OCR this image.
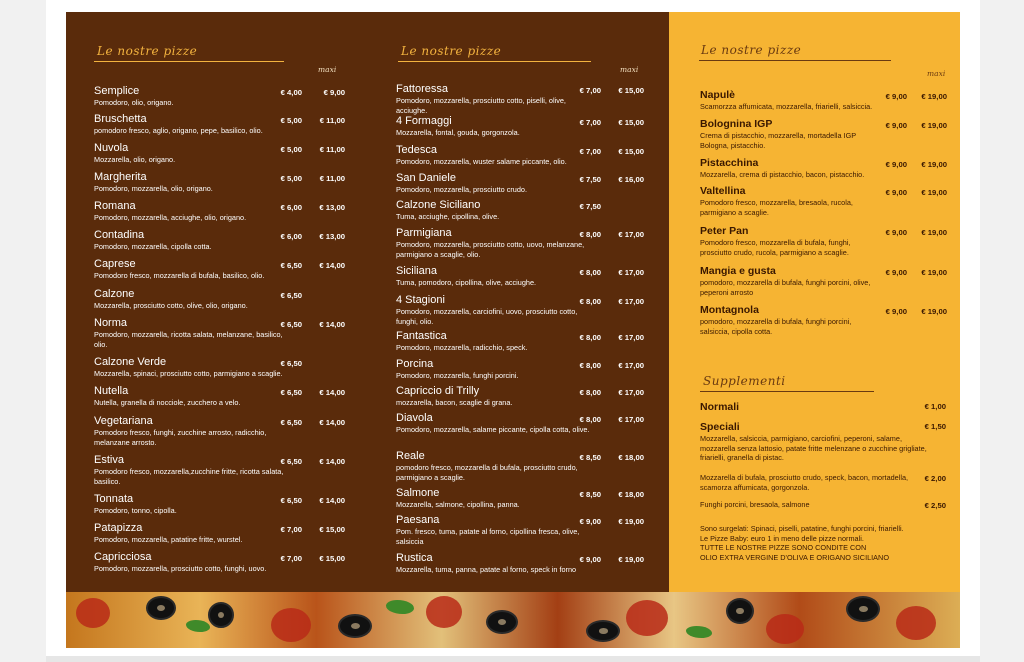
Le nostre pizze
maxi
Semplice
Pomodoro, olio, origano.
€ 4,00	€ 9,00
Bruschetta
pomodoro fresco, aglio, origano, pepe, basilico, olio.
€ 5,00 € 11,00
Nuvola
Mozzarella, olio, origano.
€ 5,00 € 11,00
Margherita
Pomodoro, mozzarella, olio, origano.
€ 5,00 € 11,00
Romana
Pomodoro, mozzarella, acciughe, olio, origano.
€ 6,00 € 13,00
Contadina
Pomodoro, mozzarella, cipolla cotta.
€ 6,00 € 13,00
Caprese
Pomodoro fresco, mozzarella di bufala, basilico, olio.
€ 6,50 € 14,00
Calzone
Mozzarella, prosciutto cotto, olive, olio, origano.
€ 6,50
Norma
Pomodoro, mozzarella, ricotta salata, melanzane, basilico, olio.
€ 6,50 € 14,00
Calzone Verde
Mozzarella, spinaci, prosciutto cotto, parmigiano a scaglie.
€ 6,50
Nutella
Nutella, granella di nocciole, zucchero a velo.
€ 6,50 € 14,00
Vegetariana
Pomodoro fresco, funghi, zucchine arrosto, radicchio, melanzane arrosto.
€ 6,50 € 14,00
Estiva
Pomodoro fresco, mozzarella,zucchine fritte, ricotta salata, basilico.
€ 6,50 € 14,00
Tonnata
Pomodoro, tonno, cipolla.
€ 6,50 € 14,00
Patapizza
Pomodoro, mozzarella, patatine fritte, wurstel.
€ 7,00 € 15,00
Capricciosa
Pomodoro, mozzarella, prosciutto cotto, funghi, uovo.
€ 7,00 € 15,00
Le nostre pizze
maxi
Fattoressa
Pomodoro, mozzarella, prosciutto cotto, piselli, olive, acciughe.
€ 7,00 € 15,00
4 Formaggi
Mozzarella, fontal, gouda, gorgonzola.
€ 7,00 € 15,00
Tedesca
Pomodoro, mozzarella, wuster salame piccante, olio.
€ 7,00 € 15,00
San Daniele
Pomodoro, mozzarella, prosciutto crudo.
€ 7,50 € 16,00
Calzone Siciliano
Tuma, acciughe, cipollina, olive.
€ 7,50
Parmigiana
Pomodoro, mozzarella, prosciutto cotto, uovo, melanzane, parmigiano a scaglie, olio.
€ 8,00 € 17,00
Siciliana
Tuma, pomodoro, cipollina, olive, acciughe.
€ 8,00 € 17,00
4 Stagioni
Pomodoro, mozzarella, carciofini, uovo, prosciutto cotto, funghi, olio.
€ 8,00 € 17,00
Fantastica
Pomodoro, mozzarella, radicchio, speck.
€ 8,00 € 17,00
Porcina
Pomodoro, mozzarella, funghi porcini.
€ 8,00 € 17,00
Capriccio di Trilly
mozzarella, bacon, scaglie di grana.
€ 8,00 € 17,00
Diavola
Pomodoro, mozzarella, salame piccante, cipolla cotta, olive.
€ 8,00 € 17,00
Reale
pomodoro fresco, mozzarella di bufala, prosciutto crudo, parmigiano a scaglie.
€ 8,50 € 18,00
Salmone
Mozzarella, salmone, cipollina, panna.
€ 8,50 € 18,00
Paesana
Pom. fresco, tuma, patate al forno, cipollina fresca, olive, salsiccia
€ 9,00 € 19,00
Rustica
Mozzarella, tuma, panna, patate al forno, speck in forno
€ 9,00 € 19,00
Le nostre pizze
maxi
Napulè
Scamorzza affumicata, mozzarella, friarielli, salsiccia.
€ 9,00 € 19,00
Bolognina IGP
Crema di pistacchio, mozzarella, mortadella IGP Bologna, pistacchio.
€ 9,00 € 19,00
Pistacchina
Mozzarella, crema di pistacchio, bacon, pistacchio.
€ 9,00 € 19,00
Valtellina
Pomodoro fresco, mozzarella, bresaola, rucola, parmigiano a scaglie.
€ 9,00 € 19,00
Peter Pan
Pomodoro fresco, mozzarella di bufala, funghi, prosciutto crudo, rucola, parmigiano a scaglie.
€ 9,00 € 19,00
Mangia e gusta
pomodoro, mozzarella di bufala, funghi porcini, olive, peperoni arrosto
€ 9,00 € 19,00
Montagnola
pomodoro, mozzarella di bufala, funghi porcini, salsiccia, cipolla cotta.
€ 9,00 € 19,00
Supplementi
Normali	€ 1,00
Speciali
Mozzarella, salsiccia, parmigiano, carciofini, peperoni, salame, mozzarella senza lattosio, patate fritte melenzane o zucchine grigliate, friarielli, granella di pistac.
€ 1,50
Mozzarella di bufala, prosciutto crudo, speck, bacon, mortadella, scamorza affumicata, gorgonzola.
€ 2,00
Funghi porcini, bresaola, salmone	€ 2,50
Sono surgelati: Spinaci, piselli, patatine, funghi porcini, friarielli.
Le Pizze Baby: euro 1 in meno delle pizze normali.
TUTTE LE NOSTRE PIZZE SONO CONDITE CON
OLIO EXTRA VERGINE D'OLIVA E ORIGANO SICILIANO
